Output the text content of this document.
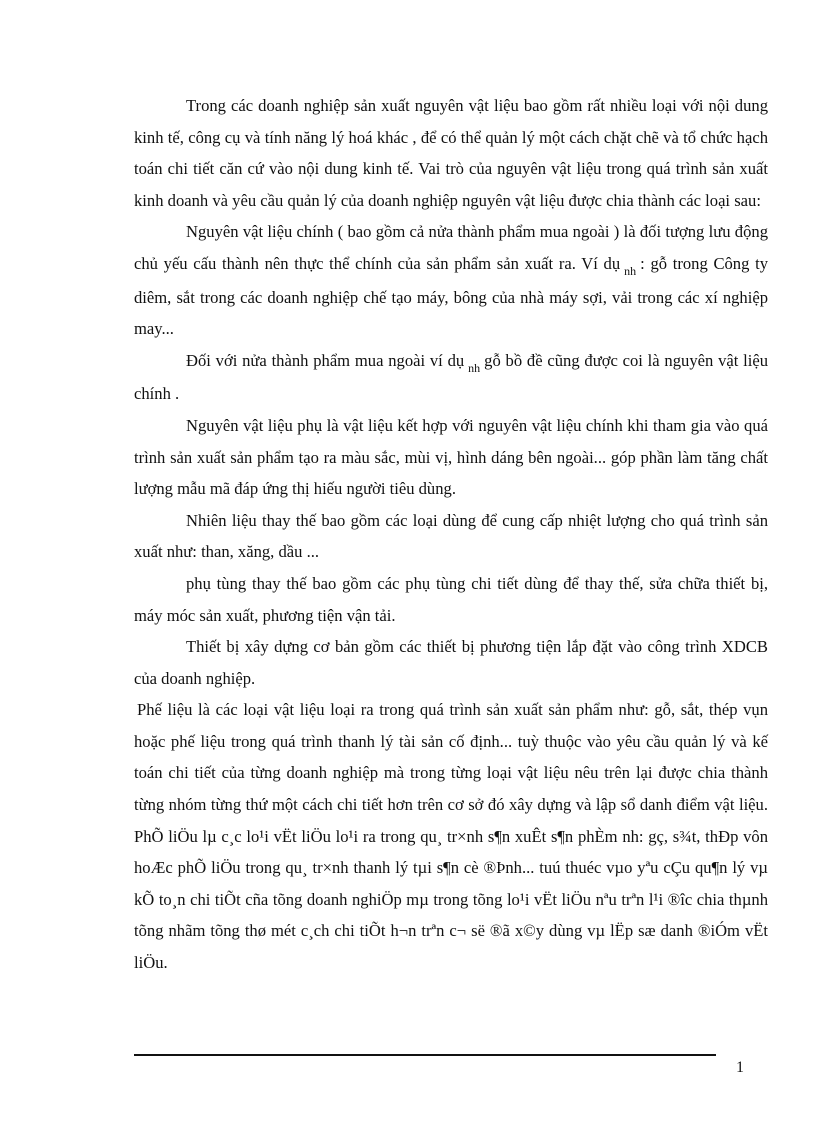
Trong các doanh nghiệp sản xuất nguyên vật liệu bao gồm rất nhiều loại với nội dung kinh tế, công cụ và tính năng lý hoá khác , để có thể quản lý một cách chặt chẽ và tổ chức hạch toán chi tiết căn cứ vào nội dung kinh tế. Vai trò của nguyên vật liệu trong quá trình sản xuất kinh doanh và yêu cầu quản lý của doanh nghiệp nguyên vật liệu được chia thành các loại sau:

Nguyên vật liệu chính ( bao gồm cả nửa thành phẩm mua ngoài ) là đối tượng lưu động chủ yếu cấu thành nên thực thể chính của sản phẩm sản xuất ra. Ví dụ $_{nh}$ : gỗ trong Công ty diêm, sắt trong các doanh nghiệp chế tạo máy, bông của nhà máy sợi, vải trong các xí nghiệp may...

Đối với nửa thành phẩm mua ngoài ví dụ $_{nh}$ gỗ bồ đề cũng được coi là nguyên vật liệu chính .

Nguyên vật liệu phụ là vật liệu kết hợp với nguyên vật liệu chính khi tham gia vào quá trình sản xuất sản phẩm tạo ra màu sắc, mùi vị, hình dáng bên ngoài... góp phần làm tăng chất lượng mẫu mã đáp ứng thị hiếu người tiêu dùng.

Nhiên liệu thay thế bao gồm các loại dùng để cung cấp nhiệt lượng cho quá trình sản xuất như: than, xăng, dầu ...

phụ tùng thay thế bao gồm các phụ tùng chi tiết dùng để thay thế, sửa chữa thiết bị, máy móc sản xuất, phương tiện vận tải.

Thiết bị xây dựng cơ bản gồm các thiết bị phương tiện lắp đặt vào công trình XDCB của doanh nghiệp.

Phế liệu là các loại vật liệu loại ra trong quá trình sản xuất sản phẩm như: gỗ, sắt, thép vụn hoặc phế liệu trong quá trình thanh lý tài sản cố định... tuỳ thuộc vào yêu cầu quản lý và kế toán chi tiết của từng doanh nghiệp mà trong từng loại vật liệu nêu trên lại được chia thành từng nhóm từng thứ một cách chi tiết hơn trên cơ sở đó xây dựng và lập sổ danh điểm vật liệu. PhÕ liÖu lµ c¸c lo¹i vËt liÖu lo¹i ra trong qu¸ tr×nh s¶n xuÊt s¶n phÈm nh: gç, s¾t, thÐp vôn hoÆc phÕ liÖu trong qu¸ tr×nh thanh lý tµi s¶n cè ®Þnh... tuú thuéc vµo yªu cÇu qu¶n lý vµ kÕ to¸n chi tiÕt cña tõng doanh nghiÖp mµ trong tõng lo¹i vËt liÖu nªu trªn l¹i ®îc chia thµnh tõng nhãm tõng thø mét c¸ch chi tiÕt h¬n trªn c¬ së ®ã x©y dùng vµ lËp sæ danh ®iÓm vËt liÖu.

1
